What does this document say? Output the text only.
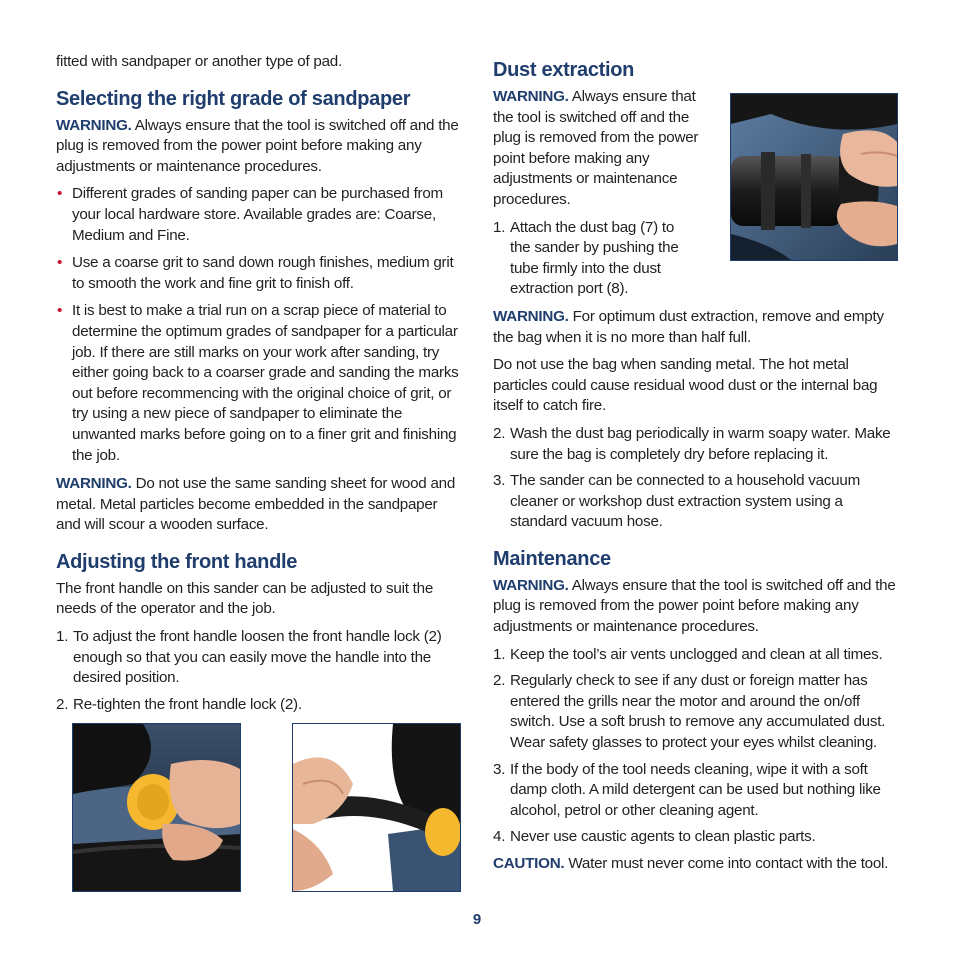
fitted with sandpaper or another type of pad.

Selecting the right grade of sandpaper

WARNING. Always ensure that the tool is switched off and the plug is removed from the power point before making any adjustments or maintenance procedures.

• Different grades of sanding paper can be purchased from your local hardware store. Available grades are: Coarse, Medium and Fine.
• Use a coarse grit to sand down rough finishes, medium grit to smooth the work and fine grit to finish off.
• It is best to make a trial run on a scrap piece of material to determine the optimum grades of sandpaper for a particular job. If there are still marks on your work after sanding, try either going back to a coarser grade and sanding the marks out before recommencing with the original choice of grit, or try using a new piece of sandpaper to eliminate the unwanted marks before going on to a finer grit and finishing the job.

WARNING. Do not use the same sanding sheet for wood and metal. Metal particles become embedded in the sandpaper and will scour a wooden surface.

Adjusting the front handle

The front handle on this sander can be adjusted to suit the needs of the operator and the job.

1. To adjust the front handle loosen the front handle lock (2) enough so that you can easily move the handle into the desired position.
2. Re-tighten the front handle lock (2).
Dust extraction

WARNING. Always ensure that the tool is switched off and the plug is removed from the power point before making any adjustments or maintenance procedures.

1. Attach the dust bag (7) to the sander by pushing the tube firmly into the dust extraction port (8).

WARNING. For optimum dust extraction, remove and empty the bag when it is no more than half full.

Do not use the bag when sanding metal. The hot metal particles could cause residual wood dust or the internal bag itself to catch fire.

2. Wash the dust bag periodically in warm soapy water. Make sure the bag is completely dry before replacing it.
3. The sander can be connected to a household vacuum cleaner or workshop dust extraction system using a standard vacuum hose.
Maintenance

WARNING. Always ensure that the tool is switched off and the plug is removed from the power point before making any adjustments or maintenance procedures.

1. Keep the tool’s air vents unclogged and clean at all times.
2. Regularly check to see if any dust or foreign matter has entered the grills near the motor and around the on/off switch. Use a soft brush to remove any accumulated dust. Wear safety glasses to protect your eyes whilst cleaning.
3. If the body of the tool needs cleaning, wipe it with a soft damp cloth. A mild detergent can be used but nothing like alcohol, petrol or other cleaning agent.
4. Never use caustic agents to clean plastic parts.

CAUTION. Water must never come into contact with the tool.

9
